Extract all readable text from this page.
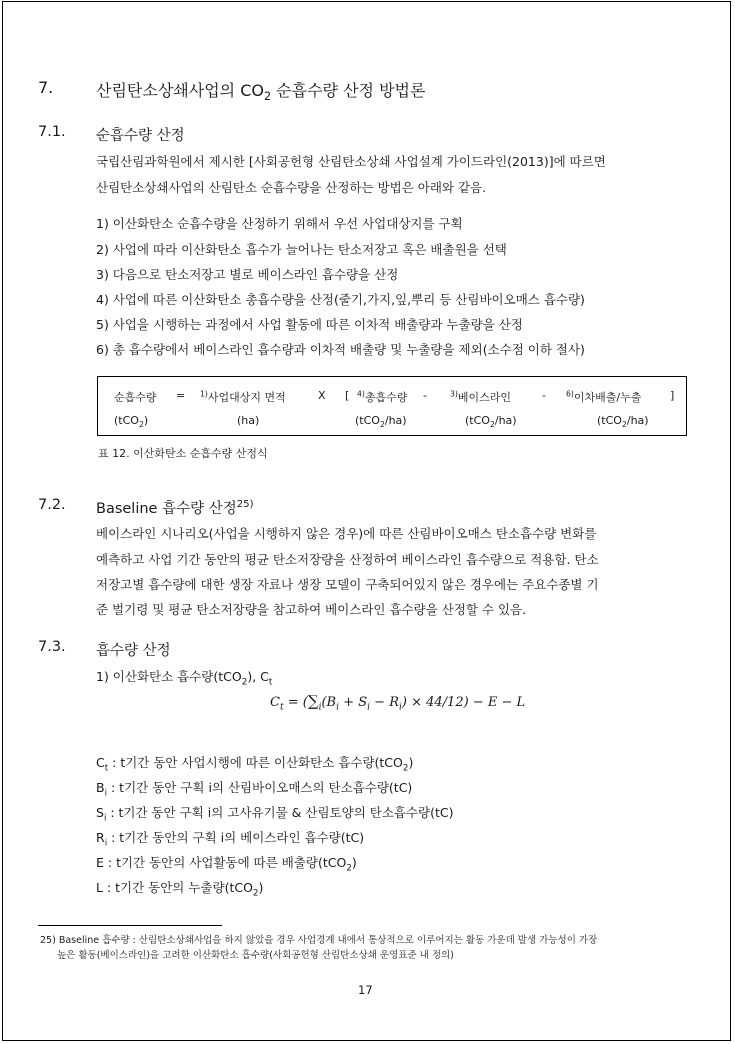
7.	산림탄소상쇄사업의 $CO_2$ 순흡수량 산정 방법론
7.1. 순흡수량 산정
국립산림과학원에서 제시한 [사회공헌형 산림탄소상쇄 사업설계 가이드라인(2013)]에 따르면
산림탄소상쇄사업의 산림탄소 순흡수량을 산정하는 방법은 아래와 같음.
1) 이산화탄소 순흡수량을 산정하기 위해서 우선 사업대상지를 구획
2) 사업에 따라 이산화탄소 흡수가 늘어나는 탄소저장고 혹은 배출원을 선택
3) 다음으로 탄소저장고 별로 베이스라인 흡수량을 산정
4) 사업에 따른 이산화탄소 총흡수량을 산정(줄기,가지,잎,뿌리 등 산림바이오매스 흡수량)
5) 사업을 시행하는 과정에서 사업 활동에 따른 이차적 배출량과 누출량을 산정
6) 총 흡수량에서 베이스라인 흡수량과 이차적 배출량 및 누출량을 제외(소수점 이하 절사)
순흡수량 = $^{1)}$사업대상지 면적	X [ $^{4)}$총흡수량 -	$^{3)}$베이스라인	-	$^{6)}$이차배출/누출	]
(tCO$_2$)	(ha)	(tCO$_2$/ha)	(tCO$_2$/ha)	(tCO$_2$/ha)
표 12. 이산화탄소 순흡수량 산정식
7.2. Baseline 흡수량 산정$^{25)}$
베이스라인 시나리오(사업을 시행하지 않은 경우)에 따른 산림바이오매스 탄소흡수량 변화를
예측하고 사업 기간 동안의 평균 탄소저장량을 산정하여 베이스라인 흡수량으로 적용함. 탄소
저장고별 흡수량에 대한 생장 자료나 생장 모델이 구축되어있지 않은 경우에는 주요수종별 기
준 벌기령 및 평균 탄소저장량을 참고하여 베이스라인 흡수량을 산정할 수 있음.
7.3. 흡수량 산정
1) 이산화탄소 흡수량(tCO$_2$), $C_t$
$C_t = (\sum_i(B_i + S_i - R_i) \times 44/12) - E - L$
$C_t$ : t기간 동안 사업시행에 따른 이산화탄소 흡수량(tCO$_2$)
$B_i$ : t기간 동안 구획 i의 산림바이오매스의 탄소흡수량(tC)
$S_i$ : t기간 동안 구획 i의 고사유기물 & 산림토양의 탄소흡수량(tC)
$R_i$ : t기간 동안의 구획 i의 베이스라인 흡수량(tC)
E : t기간 동안의 사업활동에 따른 배출량(tCO$_2$)
L : t기간 동안의 누출량(tCO$_2$)
25) Baseline 흡수량 : 산림탄소상쇄사업을 하지 않았을 경우 사업경계 내에서 통상적으로 이루어지는 활동 가운데 발생 가능성이 가장
높은 활동(베이스라인)을 고려한 이산화탄소 흡수량(사회공헌형 산림탄소상쇄 운영표준 내 정의)
17
